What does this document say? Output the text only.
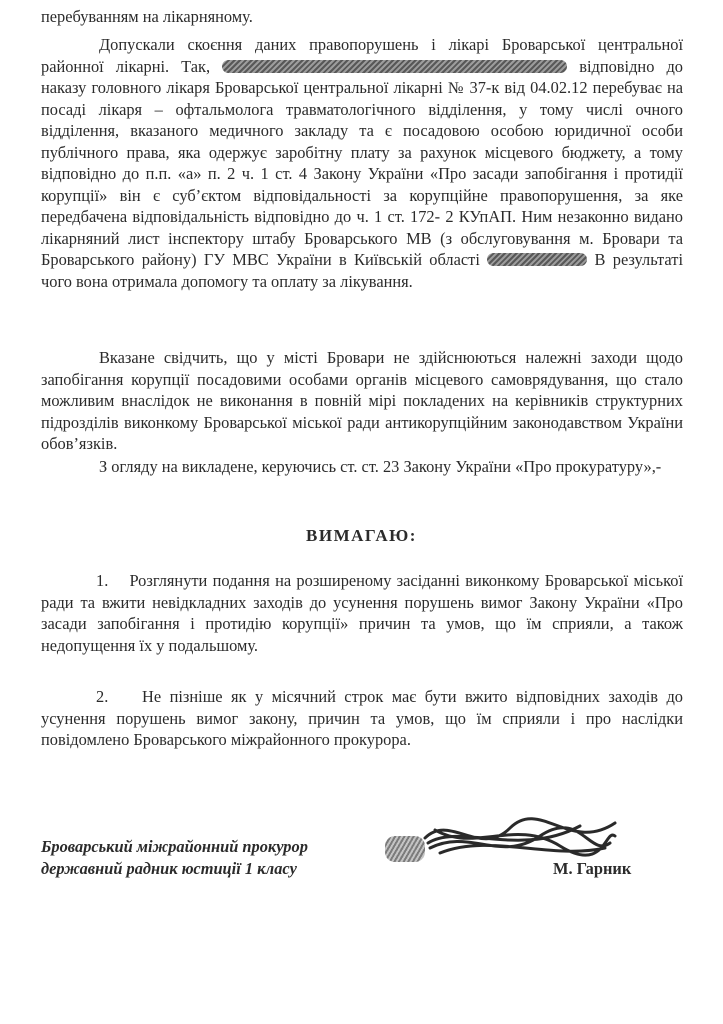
перебуванням на лікарняному.

Допускали скоєння даних правопорушень і лікарі Броварської центральної районної лікарні. Так,	відповідно до наказу головного лікаря Броварської центральної лікарні № 37-к від 04.02.12 перебуває на посаді лікаря – офтальмолога травматологічного відділення, у тому числі очного відділення, вказаного медичного закладу та є посадовою особою юридичної особи публічного права, яка одержує заробітну плату за рахунок місцевого бюджету, а тому відповідно до п.п. «а» п. 2 ч. 1 ст. 4 Закону України «Про засади запобігання і протидії корупції» він є суб’єктом відповідальності за корупційне правопорушення, за яке передбачена відповідальність відповідно до ч. 1 ст. 172- 2 КУпАП. Ним незаконно видано лікарняний лист інспектору штабу Броварського МВ (з обслуговування м. Бровари та Броварського району) ГУ МВС України в Київській області	В результаті чого вона отримала допомогу та оплату за лікування.

Вказане свідчить, що у місті Бровари не здійснюються належні заходи щодо запобігання корупції посадовими особами органів місцевого самоврядування, що стало можливим внаслідок не виконання в повній мірі покладених на керівників структурних підрозділів виконкому Броварської міської ради антикорупційним законодавством України обов’язків.

З огляду на викладене, керуючись ст. ст. 23 Закону України «Про прокуратуру»,-

ВИМАГАЮ:

1.    Розглянути подання на розширеному засіданні виконкому Броварської міської ради та вжити невідкладних заходів до усунення порушень вимог Закону України «Про засади запобігання і протидію корупції» причин та умов, що їм сприяли, а також недопущення їх у подальшому.

2.    Не пізніше як у місячний строк має бути вжито відповідних заходів до усунення порушень вимог закону, причин та умов, що їм сприяли і про наслідки повідомлено Броварського міжрайонного прокурора.

Броварський міжрайонний прокурор
державний радник юстиції 1 класу	М. Гарник
